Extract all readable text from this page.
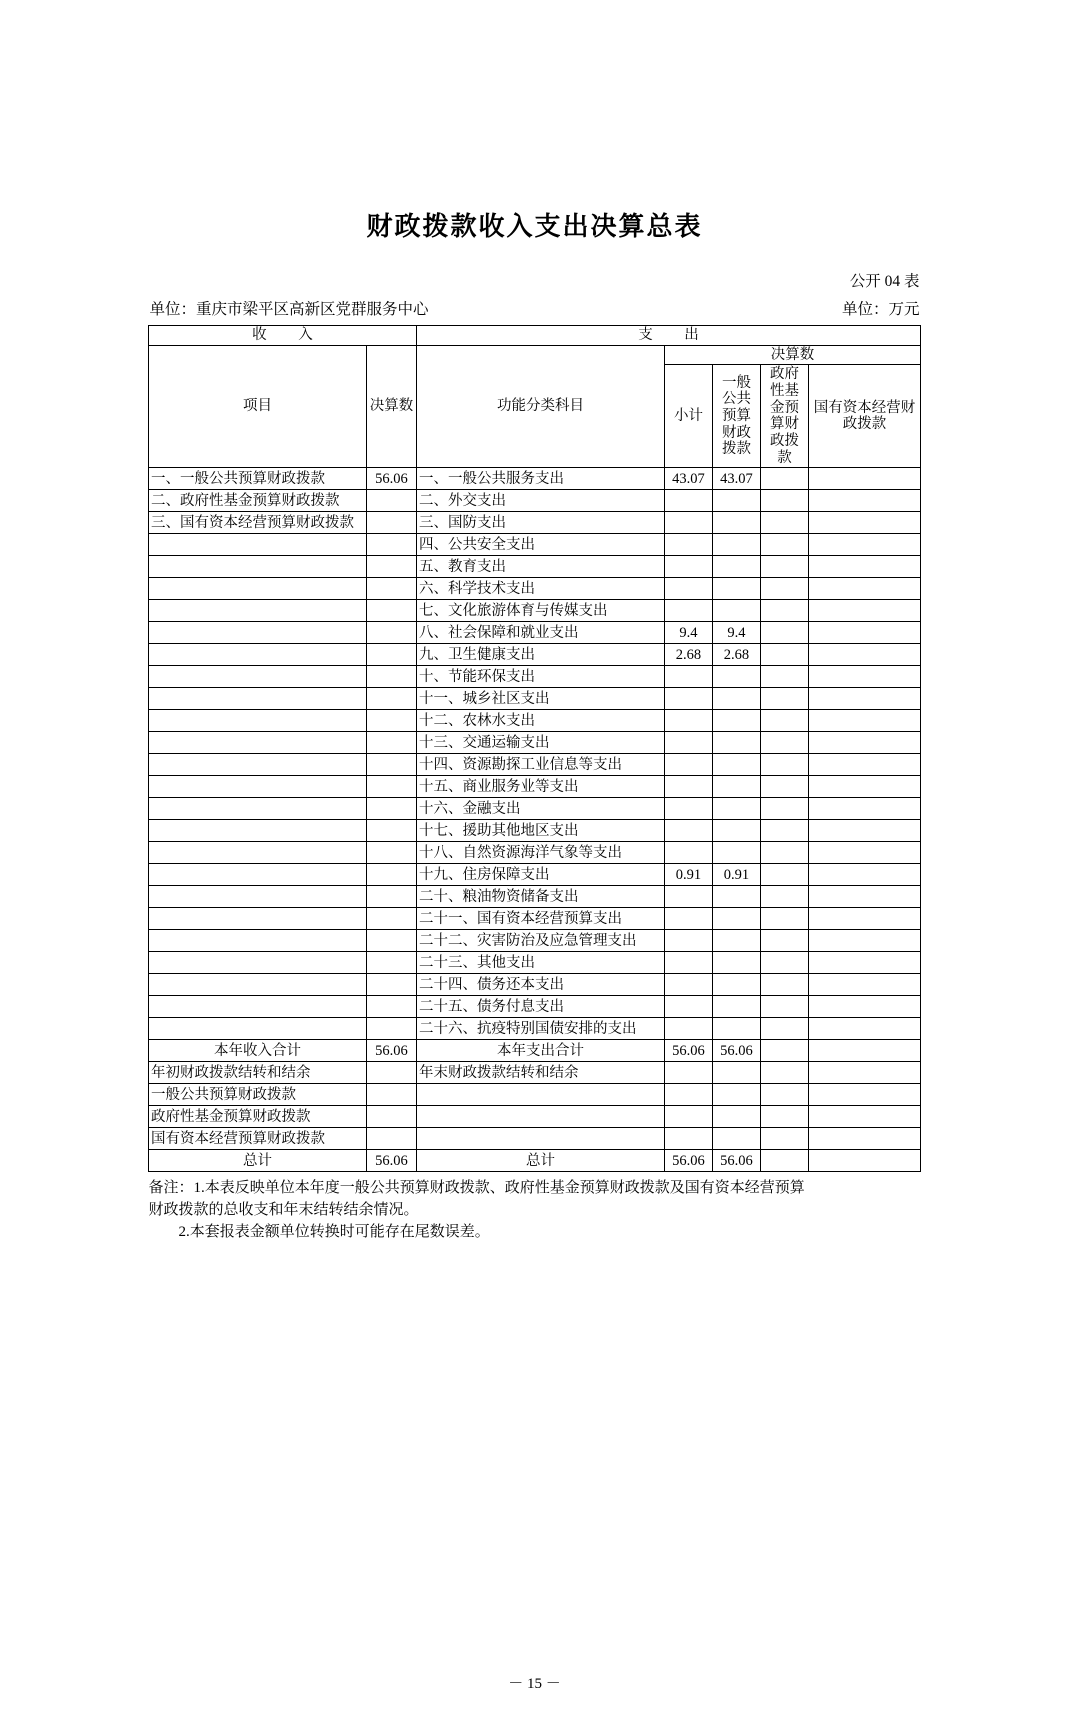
财政拨款收入支出决算总表
公开 04 表
单位：重庆市梁平区高新区党群服务中心	单位：万元
收 入		支 出				
项目	决算数	功能分类科目	决算数			
			小计	一般公共预算财政拨款	政府性基金预算财政拨款	国有资本经营财政拨款
一、一般公共预算财政拨款	56.06	一、一般公共服务支出	43.07	43.07		
二、政府性基金预算财政拨款		二、外交支出				
三、国有资本经营预算财政拨款		三、国防支出				
		四、公共安全支出				
		五、教育支出				
		六、科学技术支出				
		七、文化旅游体育与传媒支出				
		八、社会保障和就业支出	9.4	9.4		
		九、卫生健康支出	2.68	2.68		
		十、节能环保支出				
		十一、城乡社区支出				
		十二、农林水支出				
		十三、交通运输支出				
		十四、资源勘探工业信息等支出				
		十五、商业服务业等支出				
		十六、金融支出				
		十七、援助其他地区支出				
		十八、自然资源海洋气象等支出				
		十九、住房保障支出	0.91	0.91		
		二十、粮油物资储备支出				
		二十一、国有资本经营预算支出				
		二十二、灾害防治及应急管理支出				
		二十三、其他支出				
		二十四、债务还本支出				
		二十五、债务付息支出				
		二十六、抗疫特别国债安排的支出				
本年收入合计	56.06	本年支出合计	56.06	56.06		
年初财政拨款结转和结余		年末财政拨款结转和结余				
一般公共预算财政拨款						
政府性基金预算财政拨款						
国有资本经营预算财政拨款						
总计	56.06	总计	56.06	56.06		

备注：1.本表反映单位本年度一般公共预算财政拨款、政府性基金预算财政拨款及国有资本经营预算

财政拨款的总收支和年末结转结余情况。

2.本套报表金额单位转换时可能存在尾数误差。

－ 15 －
